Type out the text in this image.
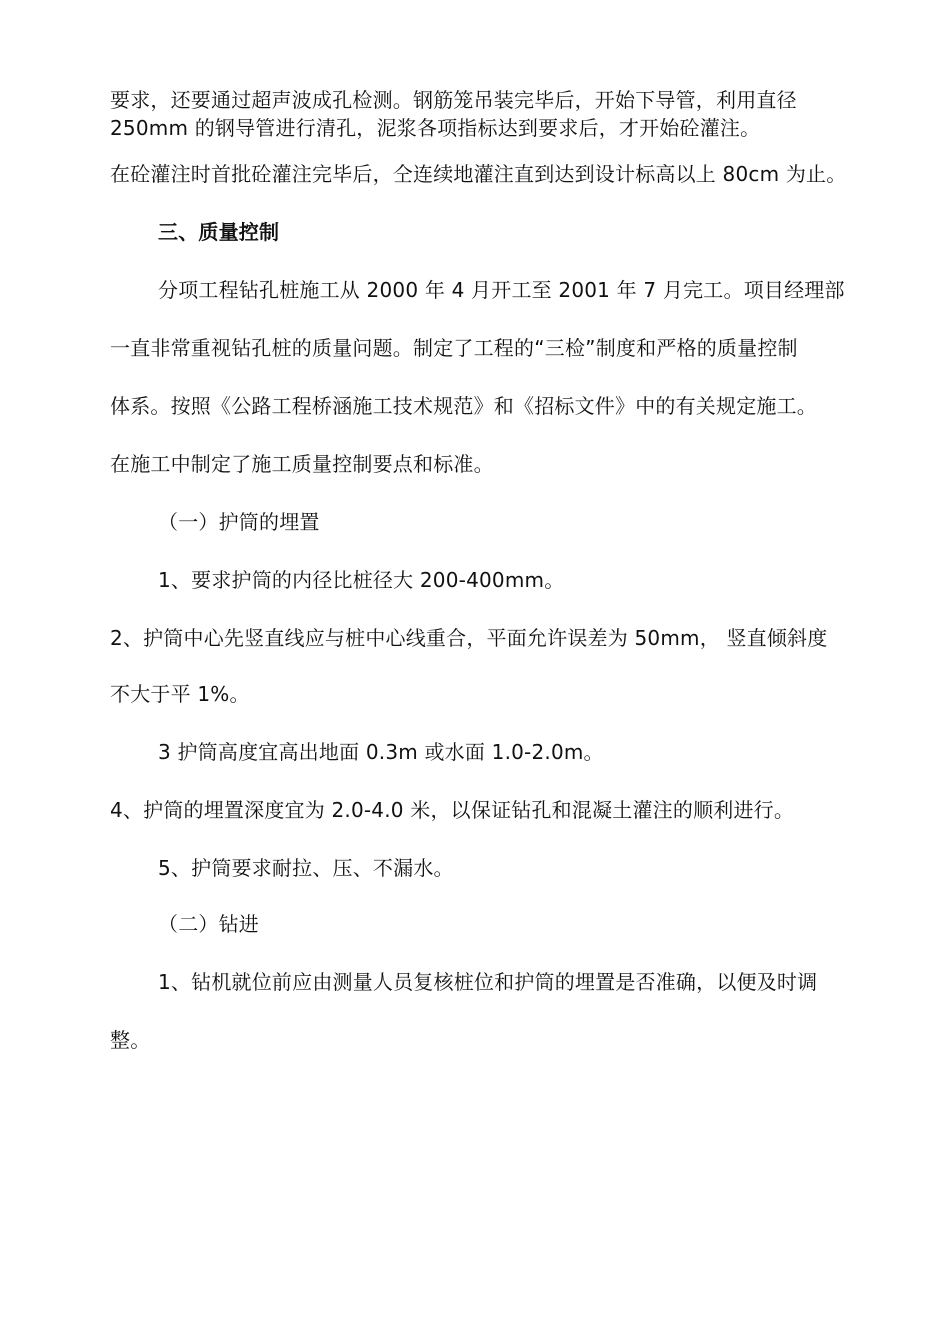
要求，还要通过超声波成孔检测。钢筋笼吊装完毕后，开始下导管，利用直径
250mm 的钢导管进行清孔，泥浆各项指标达到要求后，才开始砼灌注。
在砼灌注时首批砼灌注完毕后，仝连续地灌注直到达到设计标高以上 80cm 为止。
三、质量控制
分项工程钻孔桩施工从 2000 年 4 月开工至 2001 年 7 月完工。项目经理部
一直非常重视钻孔桩的质量问题。制定了工程的“三检”制度和严格的质量控制
体系。按照《公路工程桥涵施工技术规范》和《招标文件》中的有关规定施工。
在施工中制定了施工质量控制要点和标准。
（一）护筒的埋置
1、要求护筒的内径比桩径大 200-400mm。
2、护筒中心先竖直线应与桩中心线重合，平面允许误差为 50mm， 竖直倾斜度
不大于平 1%。
3 护筒高度宜高出地面 0.3m 或水面 1.0-2.0m。
4、护筒的埋置深度宜为 2.0-4.0 米，以保证钻孔和混凝土灌注的顺利进行。
5、护筒要求耐拉、压、不漏水。
（二）钻进
1、钻机就位前应由测量人员复核桩位和护筒的埋置是否准确，以便及时调
整。
